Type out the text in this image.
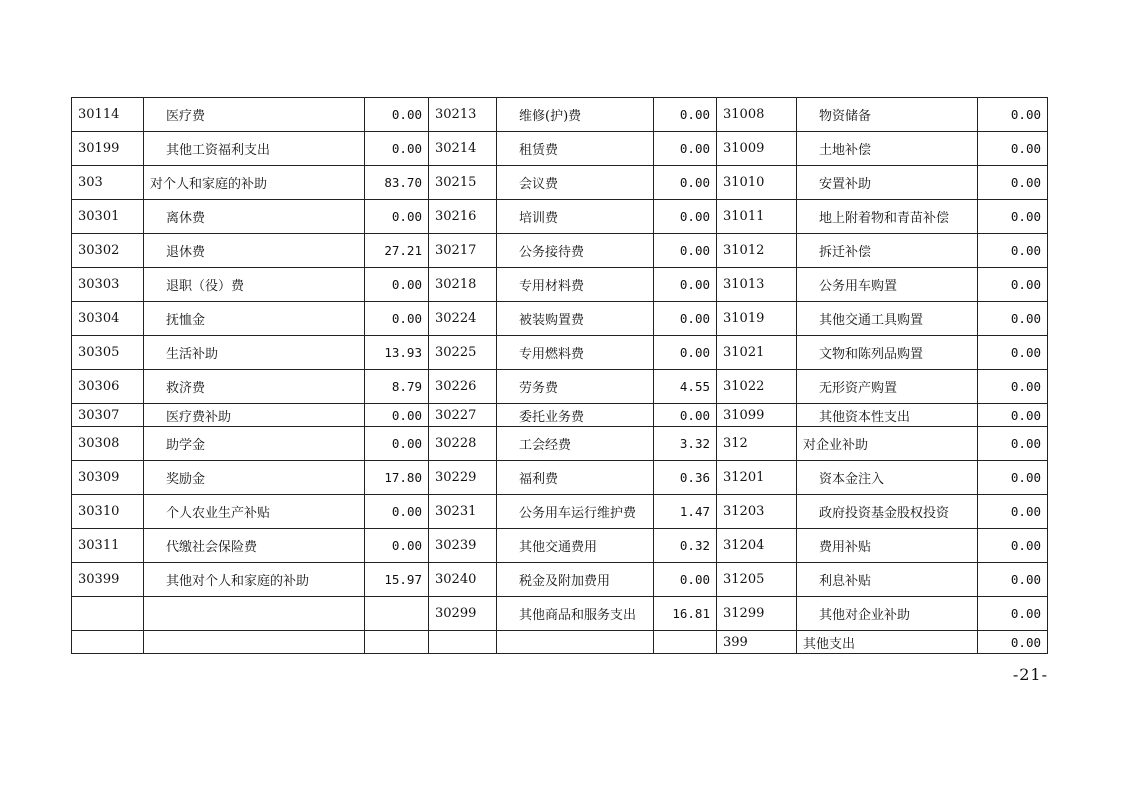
30114	医疗费	0.00	30213	维修(护)费	0.00	31008	物资储备	0.00
30199	其他工资福利支出	0.00	30214	租赁费	0.00	31009	土地补偿	0.00
303	对个人和家庭的补助	83.70	30215	会议费	0.00	31010	安置补助	0.00
30301	离休费	0.00	30216	培训费	0.00	31011	地上附着物和青苗补偿	0.00
30302	退休费	27.21	30217	公务接待费	0.00	31012	拆迁补偿	0.00
30303	退职（役）费	0.00	30218	专用材料费	0.00	31013	公务用车购置	0.00
30304	抚恤金	0.00	30224	被装购置费	0.00	31019	其他交通工具购置	0.00
30305	生活补助	13.93	30225	专用燃料费	0.00	31021	文物和陈列品购置	0.00
30306	救济费	8.79	30226	劳务费	4.55	31022	无形资产购置	0.00
30307	医疗费补助	0.00	30227	委托业务费	0.00	31099	其他资本性支出	0.00
30308	助学金	0.00	30228	工会经费	3.32	312	对企业补助	0.00
30309	奖励金	17.80	30229	福利费	0.36	31201	资本金注入	0.00
30310	个人农业生产补贴	0.00	30231	公务用车运行维护费	1.47	31203	政府投资基金股权投资	0.00
30311	代缴社会保险费	0.00	30239	其他交通费用	0.32	31204	费用补贴	0.00
30399	其他对个人和家庭的补助	15.97	30240	税金及附加费用	0.00	31205	利息补贴	0.00
			30299	其他商品和服务支出	16.81	31299	其他对企业补助	0.00
						399	其他支出	0.00
-21-
